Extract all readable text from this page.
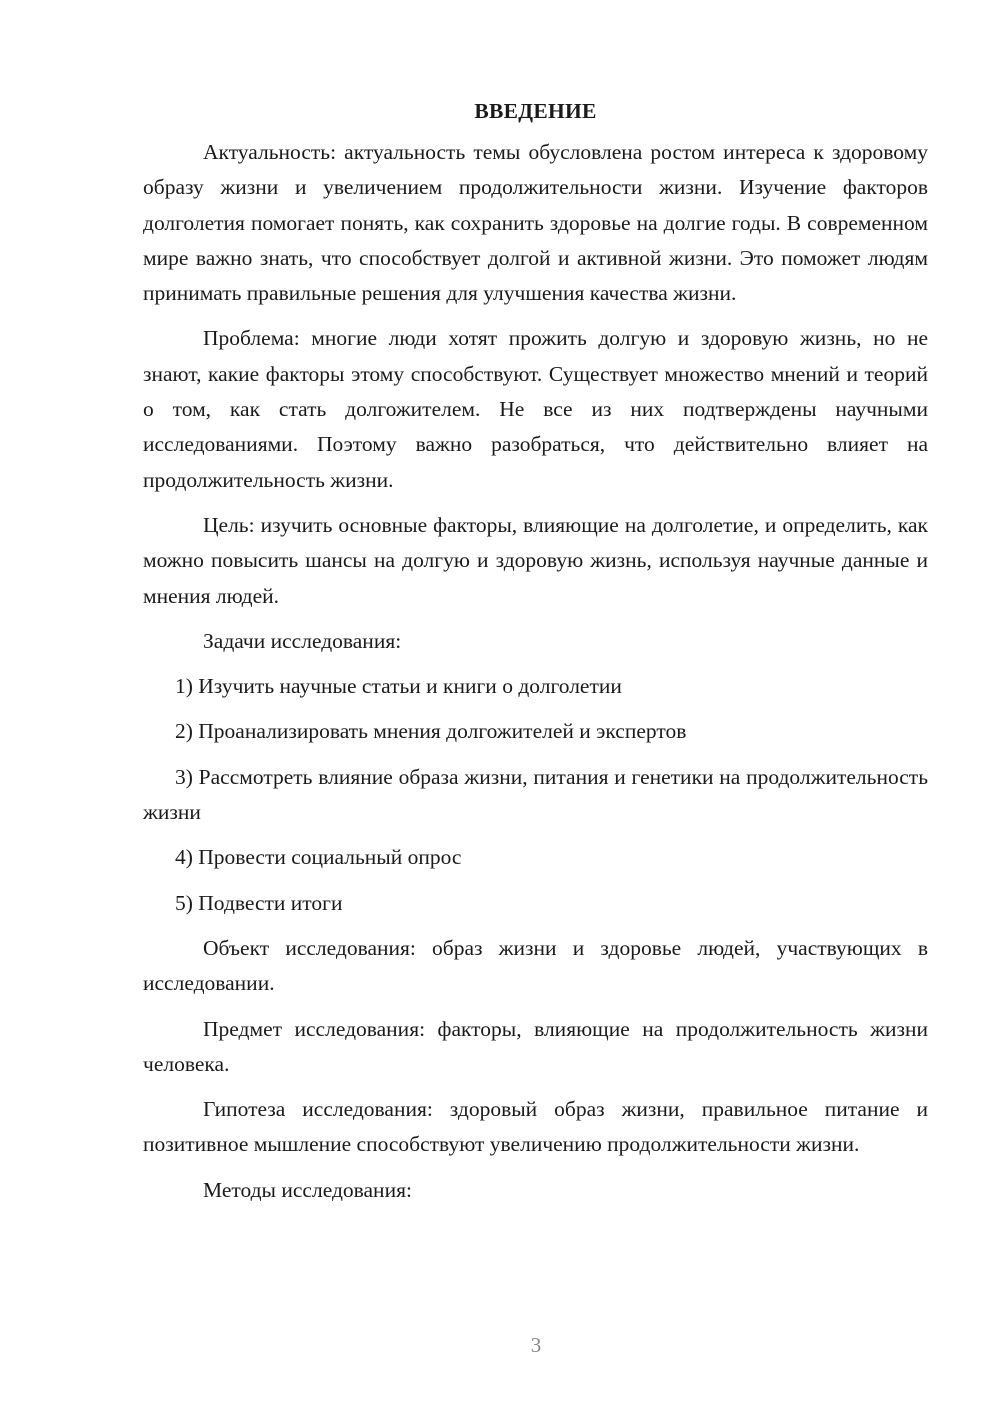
ВВЕДЕНИЕ

Актуальность: актуальность темы обусловлена ростом интереса к здоровому образу жизни и увеличением продолжительности жизни. Изучение факторов долголетия помогает понять, как сохранить здоровье на долгие годы. В современном мире важно знать, что способствует долгой и активной жизни. Это поможет людям принимать правильные решения для улучшения качества жизни.

Проблема: многие люди хотят прожить долгую и здоровую жизнь, но не знают, какие факторы этому способствуют. Существует множество мнений и теорий о том, как стать долгожителем. Не все из них подтверждены научными исследованиями. Поэтому важно разобраться, что действительно влияет на продолжительность жизни.

Цель: изучить основные факторы, влияющие на долголетие, и определить, как можно повысить шансы на долгую и здоровую жизнь, используя научные данные и мнения людей.

Задачи исследования:

1) Изучить научные статьи и книги о долголетии

2) Проанализировать мнения долгожителей и экспертов

3) Рассмотреть влияние образа жизни, питания и генетики на продолжительность жизни

4) Провести социальный опрос

5) Подвести итоги

Объект исследования: образ жизни и здоровье людей, участвующих в исследовании.

Предмет исследования: факторы, влияющие на продолжительность жизни человека.

Гипотеза исследования: здоровый образ жизни, правильное питание и позитивное мышление способствуют увеличению продолжительности жизни.

Методы исследования:

3
